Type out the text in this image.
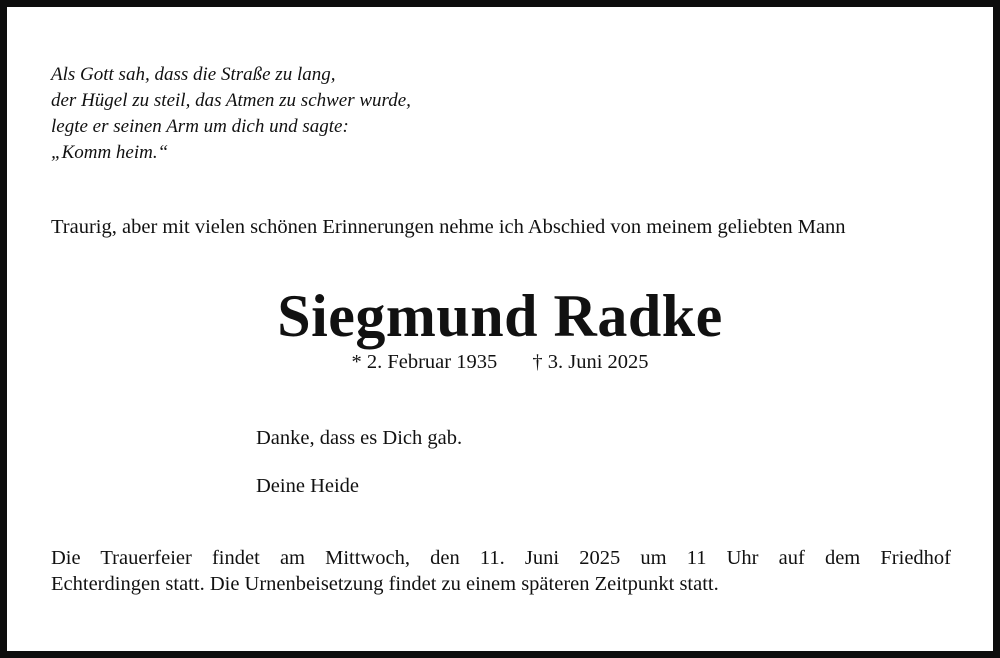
Als Gott sah, dass die Straße zu lang,
der Hügel zu steil, das Atmen zu schwer wurde,
legte er seinen Arm um dich und sagte:
„Komm heim.“
Traurig, aber mit vielen schönen Erinnerungen nehme ich Abschied von meinem geliebten Mann
Siegmund Radke
* 2. Februar 1935 † 3. Juni 2025
Danke, dass es Dich gab.
Deine Heide
Die Trauerfeier findet am Mittwoch, den 11. Juni 2025 um 11 Uhr auf dem Friedhof
Echterdingen statt. Die Urnenbeisetzung findet zu einem späteren Zeitpunkt statt.
